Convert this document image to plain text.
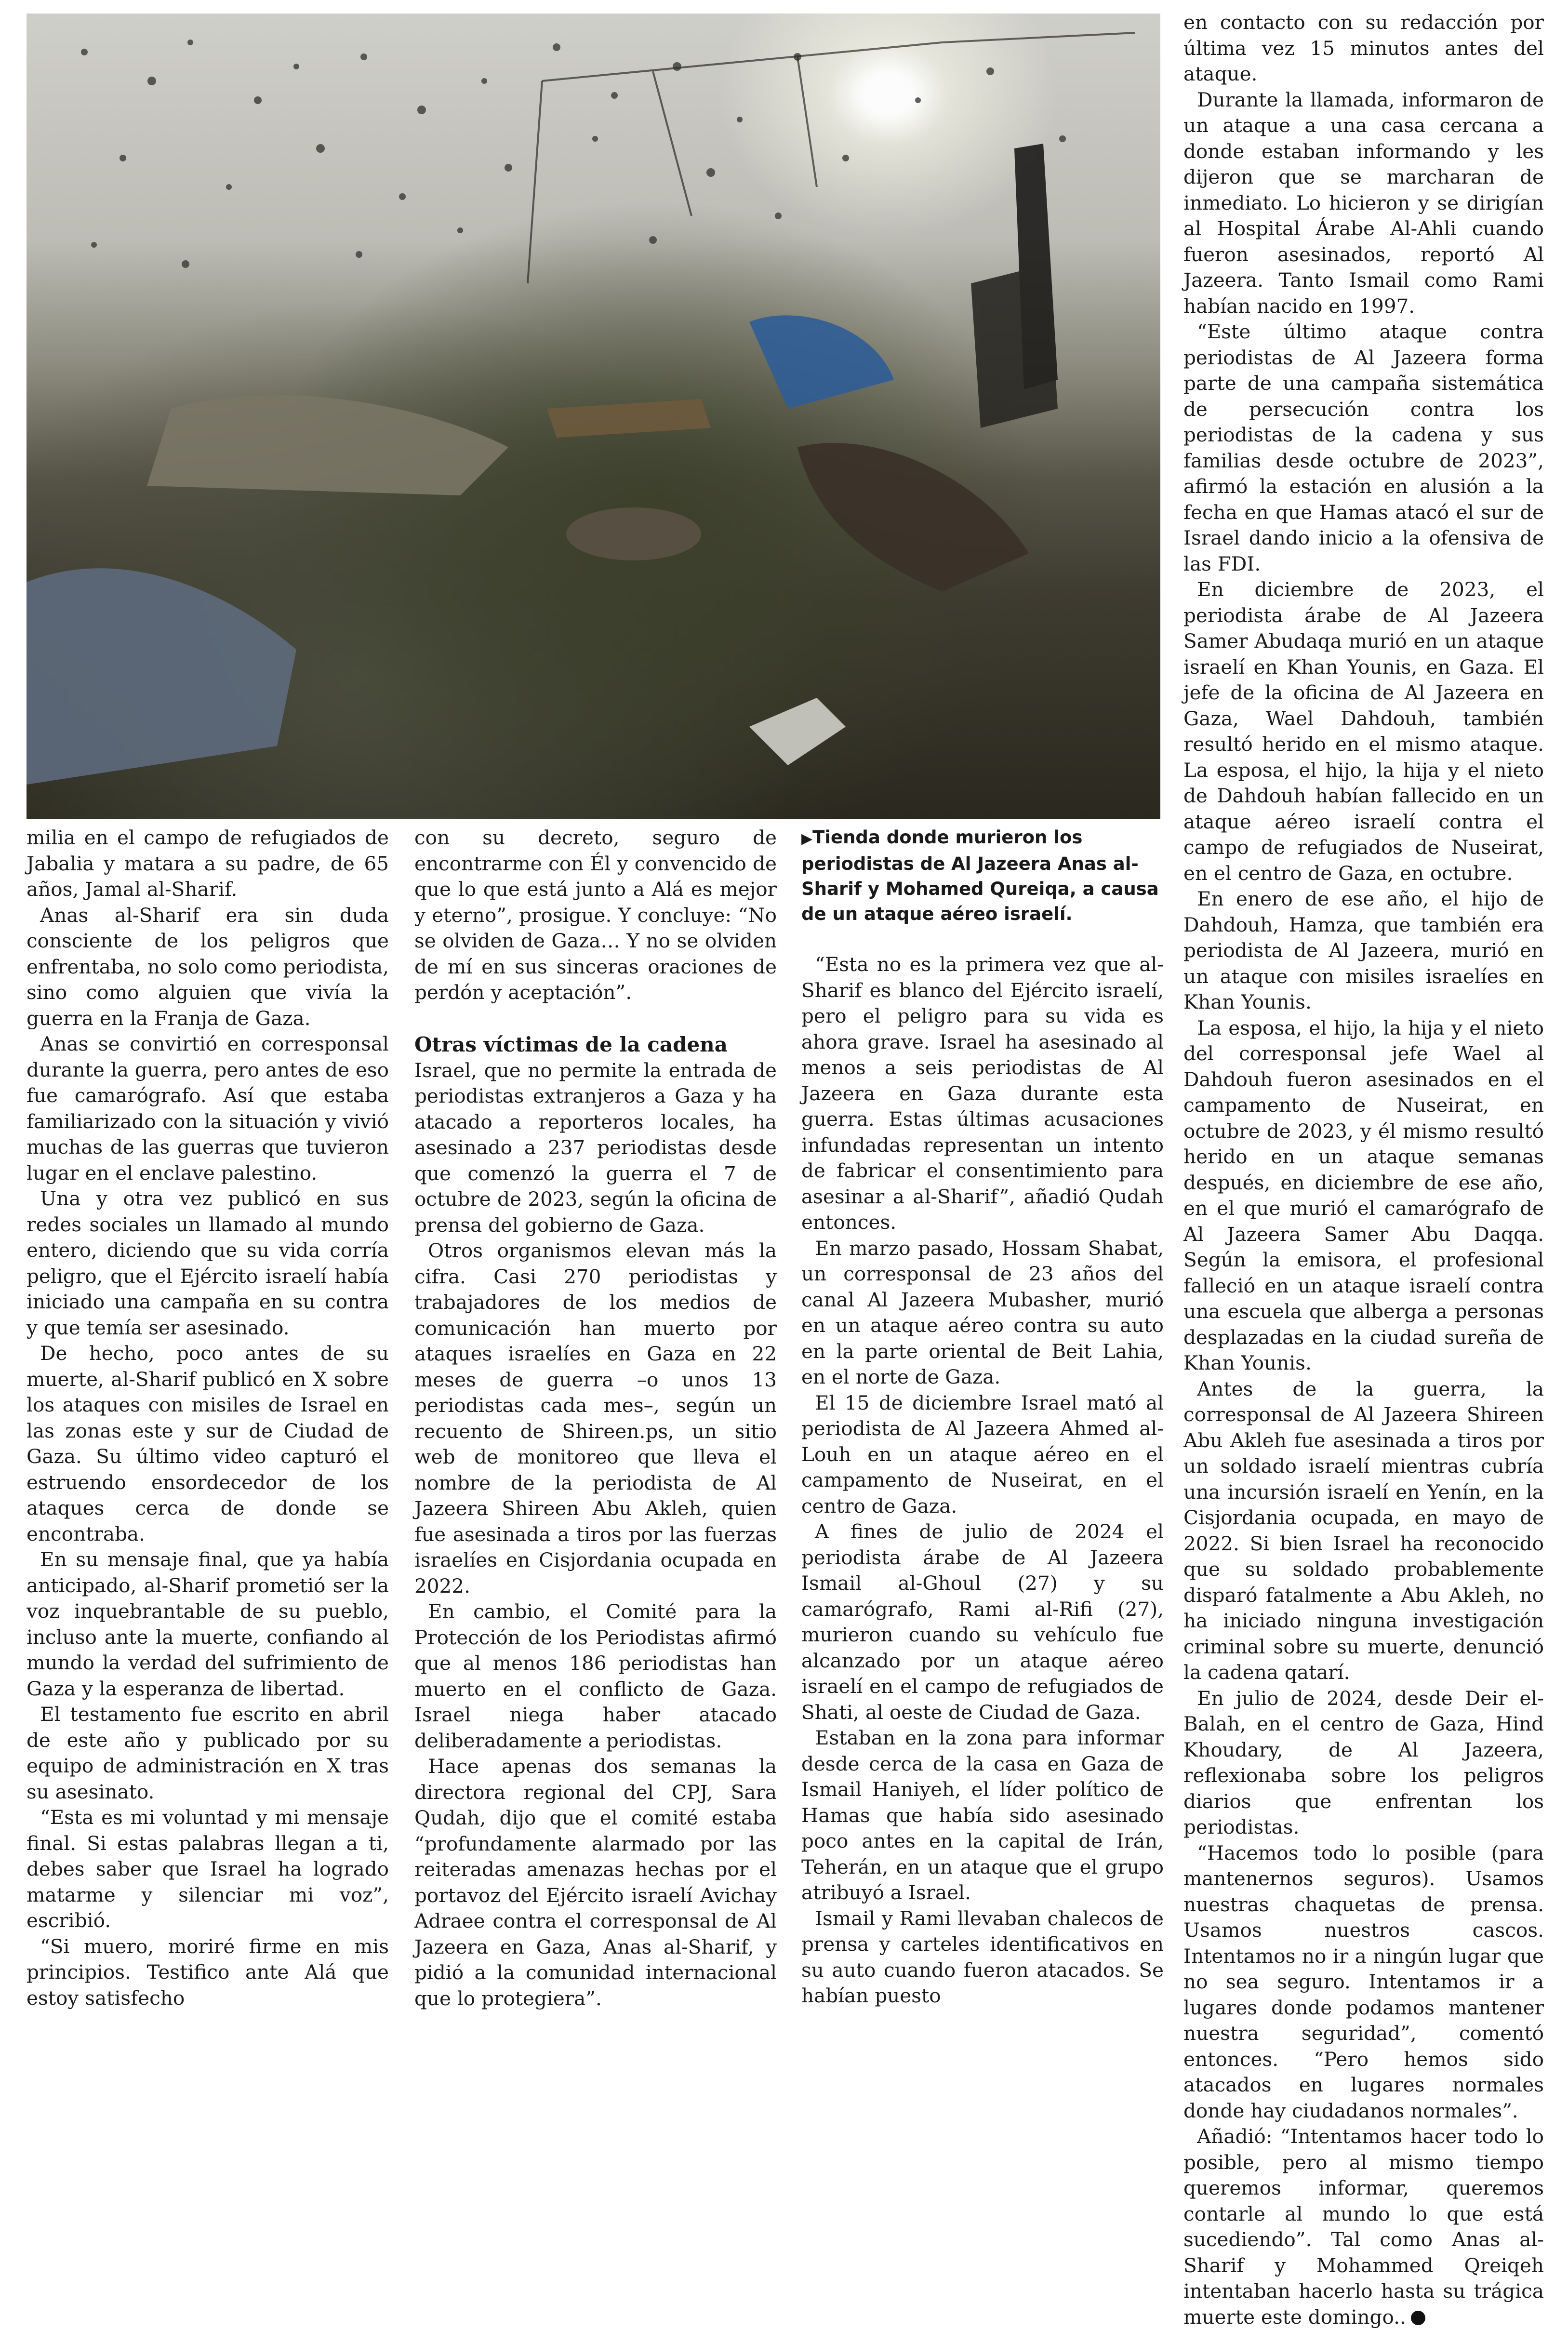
milia en el campo de refugiados de Jabalia y matara a su padre, de 65 años, Jamal al-Sharif.

Anas al-Sharif era sin duda consciente de los peligros que enfrentaba, no solo como periodista, sino como alguien que vivía la guerra en la Franja de Gaza.

Anas se convirtió en corresponsal durante la guerra, pero antes de eso fue camarógrafo. Así que estaba familiarizado con la situación y vivió muchas de las guerras que tuvieron lugar en el enclave palestino.

Una y otra vez publicó en sus redes sociales un llamado al mundo entero, diciendo que su vida corría peligro, que el Ejército israelí había iniciado una campaña en su contra y que temía ser asesinado.

De hecho, poco antes de su muerte, al-Sharif publicó en X sobre los ataques con misiles de Israel en las zonas este y sur de Ciudad de Gaza. Su último video capturó el estruendo ensordecedor de los ataques cerca de donde se encontraba.

En su mensaje final, que ya había anticipado, al-Sharif prometió ser la voz inquebrantable de su pueblo, incluso ante la muerte, confiando al mundo la verdad del sufrimiento de Gaza y la esperanza de libertad.

El testamento fue escrito en abril de este año y publicado por su equipo de administración en X tras su asesinato.

“Esta es mi voluntad y mi mensaje final. Si estas palabras llegan a ti, debes saber que Israel ha logrado matarme y silenciar mi voz”, escribió.

“Si muero, moriré firme en mis principios. Testifico ante Alá que estoy satisfecho

con su decreto, seguro de encontrarme con Él y convencido de que lo que está junto a Alá es mejor y eterno”, prosigue. Y concluye: “No se olviden de Gaza… Y no se olviden de mí en sus sinceras oraciones de perdón y aceptación”.

Otras víctimas de la cadena

Israel, que no permite la entrada de periodistas extranjeros a Gaza y ha atacado a reporteros locales, ha asesinado a 237 periodistas desde que comenzó la guerra el 7 de octubre de 2023, según la oficina de prensa del gobierno de Gaza.

Otros organismos elevan más la cifra. Casi 270 periodistas y trabajadores de los medios de comunicación han muerto por ataques israelíes en Gaza en 22 meses de guerra –o unos 13 periodistas cada mes–, según un recuento de Shireen.ps, un sitio web de monitoreo que lleva el nombre de la periodista de Al Jazeera Shireen Abu Akleh, quien fue asesinada a tiros por las fuerzas israelíes en Cisjordania ocupada en 2022.

En cambio, el Comité para la Protección de los Periodistas afirmó que al menos 186 periodistas han muerto en el conflicto de Gaza. Israel niega haber atacado deliberadamente a periodistas.

Hace apenas dos semanas la directora regional del CPJ, Sara Qudah, dijo que el comité estaba “profundamente alarmado por las reiteradas amenazas hechas por el portavoz del Ejército israelí Avichay Adraee contra el corresponsal de Al Jazeera en Gaza, Anas al-Sharif, y pidió a la comunidad internacional que lo protegiera”.

▶Tienda donde murieron los periodistas de Al Jazeera Anas al-Sharif y Mohamed Qureiqa, a causa de un ataque aéreo israelí.

“Esta no es la primera vez que al-Sharif es blanco del Ejército israelí, pero el peligro para su vida es ahora grave. Israel ha asesinado al menos a seis periodistas de Al Jazeera en Gaza durante esta guerra. Estas últimas acusaciones infundadas representan un intento de fabricar el consentimiento para asesinar a al-Sharif”, añadió Qudah entonces.

En marzo pasado, Hossam Shabat, un corresponsal de 23 años del canal Al Jazeera Mubasher, murió en un ataque aéreo contra su auto en la parte oriental de Beit Lahia, en el norte de Gaza.

El 15 de diciembre Israel mató al periodista de Al Jazeera Ahmed al-Louh en un ataque aéreo en el campamento de Nuseirat, en el centro de Gaza.

A fines de julio de 2024 el periodista árabe de Al Jazeera Ismail al-Ghoul (27) y su camarógrafo, Rami al-Rifi (27), murieron cuando su vehículo fue alcanzado por un ataque aéreo israelí en el campo de refugiados de Shati, al oeste de Ciudad de Gaza.

Estaban en la zona para informar desde cerca de la casa en Gaza de Ismail Haniyeh, el líder político de Hamas que había sido asesinado poco antes en la capital de Irán, Teherán, en un ataque que el grupo atribuyó a Israel.

Ismail y Rami llevaban chalecos de prensa y carteles identificativos en su auto cuando fueron atacados. Se habían puesto

en contacto con su redacción por última vez 15 minutos antes del ataque.

Durante la llamada, informaron de un ataque a una casa cercana a donde estaban informando y les dijeron que se marcharan de inmediato. Lo hicieron y se dirigían al Hospital Árabe Al-Ahli cuando fueron asesinados, reportó Al Jazeera. Tanto Ismail como Rami habían nacido en 1997.

“Este último ataque contra periodistas de Al Jazeera forma parte de una campaña sistemática de persecución contra los periodistas de la cadena y sus familias desde octubre de 2023”, afirmó la estación en alusión a la fecha en que Hamas atacó el sur de Israel dando inicio a la ofensiva de las FDI.

En diciembre de 2023, el periodista árabe de Al Jazeera Samer Abudaqa murió en un ataque israelí en Khan Younis, en Gaza. El jefe de la oficina de Al Jazeera en Gaza, Wael Dahdouh, también resultó herido en el mismo ataque. La esposa, el hijo, la hija y el nieto de Dahdouh habían fallecido en un ataque aéreo israelí contra el campo de refugiados de Nuseirat, en el centro de Gaza, en octubre.

En enero de ese año, el hijo de Dahdouh, Hamza, que también era periodista de Al Jazeera, murió en un ataque con misiles israelíes en Khan Younis.

La esposa, el hijo, la hija y el nieto del corresponsal jefe Wael al Dahdouh fueron asesinados en el campamento de Nuseirat, en octubre de 2023, y él mismo resultó herido en un ataque semanas después, en diciembre de ese año, en el que murió el camarógrafo de Al Jazeera Samer Abu Daqqa. Según la emisora, el profesional falleció en un ataque israelí contra una escuela que alberga a personas desplazadas en la ciudad sureña de Khan Younis.

Antes de la guerra, la corresponsal de Al Jazeera Shireen Abu Akleh fue asesinada a tiros por un soldado israelí mientras cubría una incursión israelí en Yenín, en la Cisjordania ocupada, en mayo de 2022. Si bien Israel ha reconocido que su soldado probablemente disparó fatalmente a Abu Akleh, no ha iniciado ninguna investigación criminal sobre su muerte, denunció la cadena qatarí.

En julio de 2024, desde Deir el-Balah, en el centro de Gaza, Hind Khoudary, de Al Jazeera, reflexionaba sobre los peligros diarios que enfrentan los periodistas.

“Hacemos todo lo posible (para mantenernos seguros). Usamos nuestras chaquetas de prensa. Usamos nuestros cascos. Intentamos no ir a ningún lugar que no sea seguro. Intentamos ir a lugares donde podamos mantener nuestra seguridad”, comentó entonces. “Pero hemos sido atacados en lugares normales donde hay ciudadanos normales”.

Añadió: “Intentamos hacer todo lo posible, pero al mismo tiempo queremos informar, queremos contarle al mundo lo que está sucediendo”. Tal como Anas al-Sharif y Mohammed Qreiqeh intentaban hacerlo hasta su trágica muerte este domingo..
